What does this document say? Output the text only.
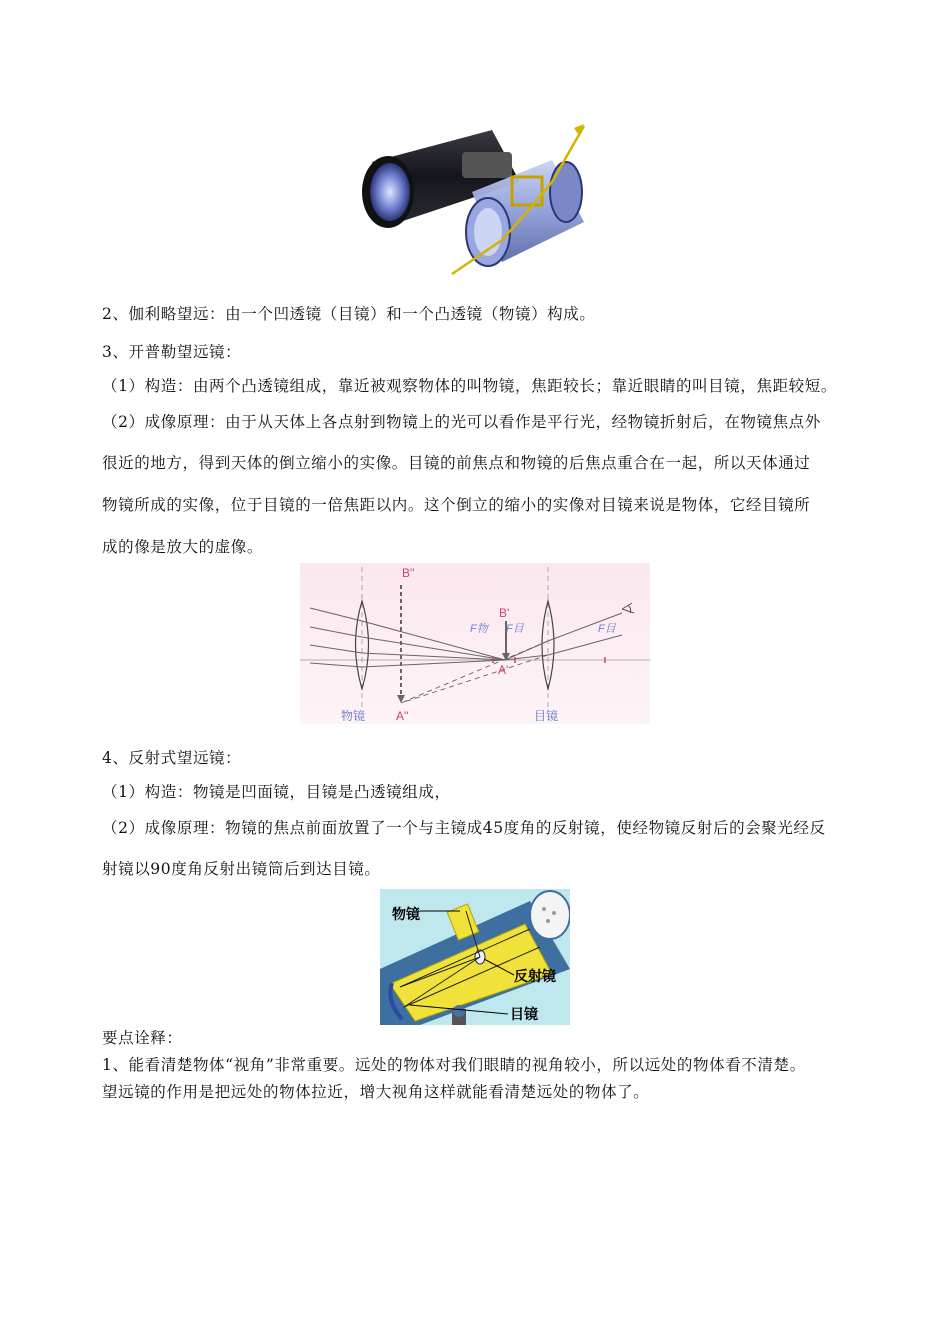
2、伽利略望远：由一个凹透镜（目镜）和一个凸透镜（物镜）构成。
3、开普勒望远镜：
（1）构造：由两个凸透镜组成，靠近被观察物体的叫物镜，焦距较长；靠近眼睛的叫目镜，焦距较短。
（2）成像原理：由于从天体上各点射到物镜上的光可以看作是平行光，经物镜折射后，在物镜焦点外
很近的地方，得到天体的倒立缩小的实像。目镜的前焦点和物镜的后焦点重合在一起，所以天体通过
物镜所成的实像，位于目镜的一倍焦距以内。这个倒立的缩小的实像对目镜来说是物体，它经目镜所
成的像是放大的虚像。
B''
A''
B'
A'
F物 F目	F目
物镜	目镜
4、反射式望远镜：
（1）构造：物镜是凹面镜，目镜是凸透镜组成，
（2）成像原理：物镜的焦点前面放置了一个与主镜成45度角的反射镜，使经物镜反射后的会聚光经反
射镜以90度角反射出镜筒后到达目镜。
物镜
反射镜
目镜
要点诠释：
1、能看清楚物体“视角”非常重要。远处的物体对我们眼睛的视角较小，所以远处的物体看不清楚。
望远镜的作用是把远处的物体拉近，增大视角这样就能看清楚远处的物体了。
